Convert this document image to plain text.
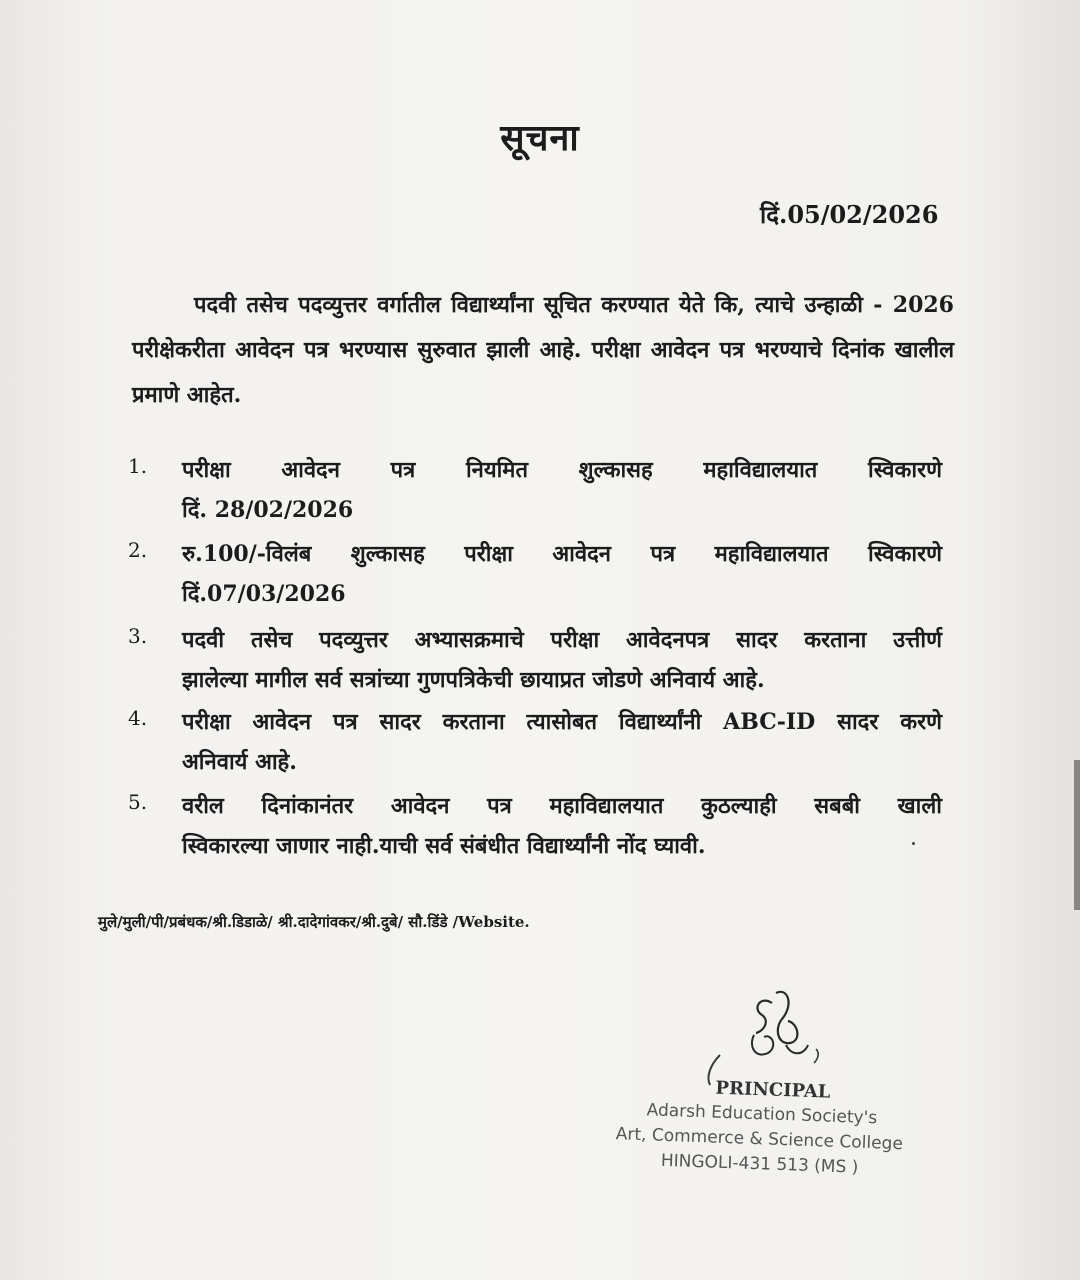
सूचना
दिं.05/02/2026
पदवी तसेच पदव्युत्तर वर्गातील विद्यार्थ्यांना सूचित करण्यात येते कि, त्याचे उन्हाळी - 2026 परीक्षेकरीता आवेदन पत्र भरण्यास सुरुवात झाली आहे. परीक्षा आवेदन पत्र भरण्याचे दिनांक खालील प्रमाणे आहेत.
1. परीक्षा आवेदन पत्र नियमित शुल्कासह महाविद्यालयात स्विकारणे
दिं. 28/02/2026
2. रु.100/-विलंब शुल्कासह परीक्षा आवेदन पत्र महाविद्यालयात स्विकारणे
दिं.07/03/2026
3. पदवी तसेच पदव्युत्तर अभ्यासक्रमाचे परीक्षा आवेदनपत्र सादर करताना उत्तीर्ण
झालेल्या मागील सर्व सत्रांच्या गुणपत्रिकेची छायाप्रत जोडणे अनिवार्य आहे.
4. परीक्षा आवेदन पत्र सादर करताना त्यासोबत विद्यार्थ्यांनी ABC-ID सादर करणे
अनिवार्य आहे.
5. वरील दिनांकानंतर आवेदन पत्र महाविद्यालयात कुठल्याही सबबी खाली
स्विकारल्या जाणार नाही.याची सर्व संबंधीत विद्यार्थ्यांनी नोंद घ्यावी.
मुले/मुली/पी/प्रबंधक/श्री.डिडाळे/ श्री.दादेगांवकर/श्री.दुबे/ सौ.डिंडे /Website.
PRINCIPAL
Adarsh Education Society's
Art, Commerce & Science College
HINGOLI-431 513 (MS )
